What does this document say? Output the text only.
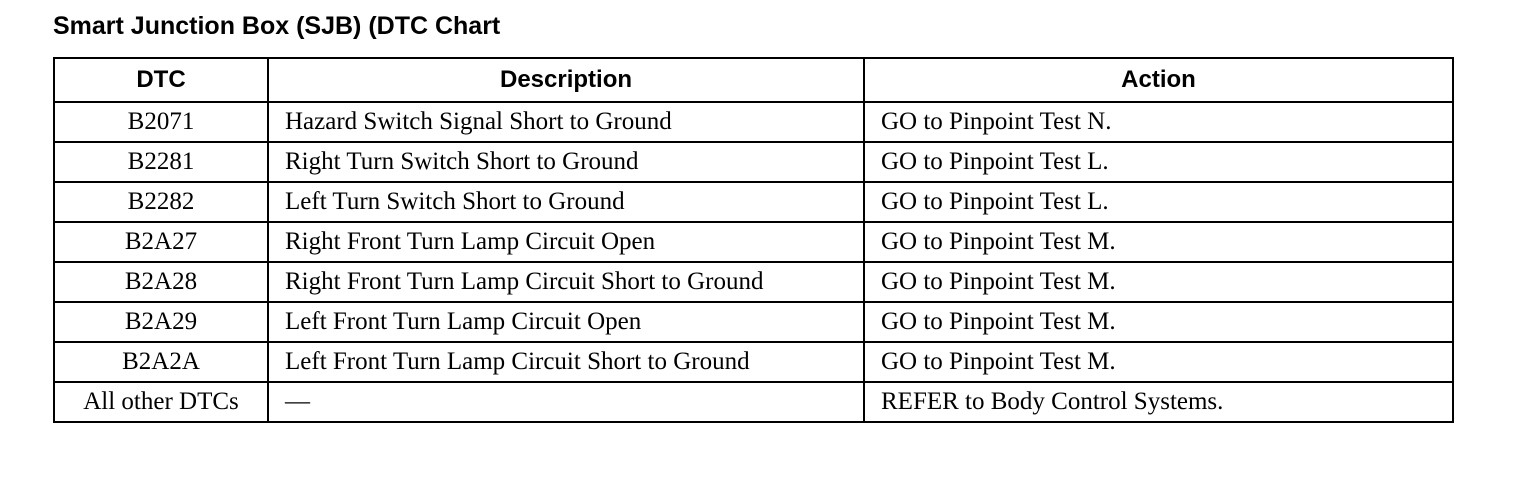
Smart Junction Box (SJB) (DTC Chart
DTC	Description	Action
B2071	Hazard Switch Signal Short to Ground	GO to Pinpoint Test N.
B2281	Right Turn Switch Short to Ground	GO to Pinpoint Test L.
B2282	Left Turn Switch Short to Ground	GO to Pinpoint Test L.
B2A27	Right Front Turn Lamp Circuit Open	GO to Pinpoint Test M.
B2A28	Right Front Turn Lamp Circuit Short to Ground	GO to Pinpoint Test M.
B2A29	Left Front Turn Lamp Circuit Open	GO to Pinpoint Test M.
B2A2A	Left Front Turn Lamp Circuit Short to Ground	GO to Pinpoint Test M.
All other DTCs	—	REFER to Body Control Systems.
